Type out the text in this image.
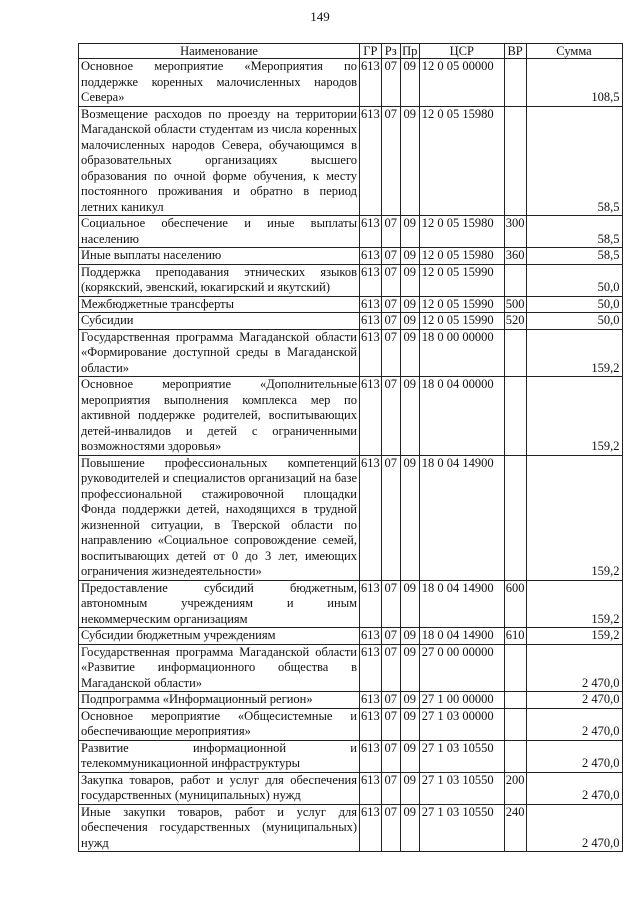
149
Наименование	ГР	Рз	Пр	ЦСР	ВР	Сумма
Основное мероприятие «Мероприятия по поддержке коренных малочисленных народов Севера»	613	07	09	12 0 05 00000		108,5
Возмещение расходов по проезду на территории Магаданской области студентам из числа коренных малочисленных народов Севера, обучающимся в образовательных организациях высшего образования по очной форме обучения, к месту постоянного проживания и обратно в период летних каникул	613	07	09	12 0 05 15980		58,5
Социальное обеспечение и иные выплаты населению	613	07	09	12 0 05 15980	300	58,5
Иные выплаты населению	613	07	09	12 0 05 15980	360	58,5
Поддержка преподавания этнических языков (корякский, эвенский, юкагирский и якутский)	613	07	09	12 0 05 15990		50,0
Межбюджетные трансферты	613	07	09	12 0 05 15990	500	50,0
Субсидии	613	07	09	12 0 05 15990	520	50,0
Государственная программа Магаданской области «Формирование доступной среды в Магаданской области»	613	07	09	18 0 00 00000		159,2
Основное мероприятие «Дополнительные мероприятия выполнения комплекса мер по активной поддержке родителей, воспитывающих детей-инвалидов и детей с ограниченными возможностями здоровья»	613	07	09	18 0 04 00000		159,2
Повышение профессиональных компетенций руководителей и специалистов организаций на базе профессиональной стажировочной площадки Фонда поддержки детей, находящихся в трудной жизненной ситуации, в Тверской области по направлению «Социальное сопровождение семей, воспитывающих детей от 0 до 3 лет, имеющих ограничения жизнедеятельности»	613	07	09	18 0 04 14900		159,2
Предоставление субсидий бюджетным, автономным учреждениям и иным некоммерческим организациям	613	07	09	18 0 04 14900	600	159,2
Субсидии бюджетным учреждениям	613	07	09	18 0 04 14900	610	159,2
Государственная программа Магаданской области «Развитие информационного общества в Магаданской области»	613	07	09	27 0 00 00000		2 470,0
Подпрограмма «Информационный регион»	613	07	09	27 1 00 00000		2 470,0
Основное мероприятие «Общесистемные и обеспечивающие мероприятия»	613	07	09	27 1 03 00000		2 470,0
Развитие информационной и телекоммуникационной инфраструктуры	613	07	09	27 1 03 10550		2 470,0
Закупка товаров, работ и услуг для обеспечения государственных (муниципальных) нужд	613	07	09	27 1 03 10550	200	2 470,0
Иные закупки товаров, работ и услуг для обеспечения государственных (муниципальных) нужд	613	07	09	27 1 03 10550	240	2 470,0
